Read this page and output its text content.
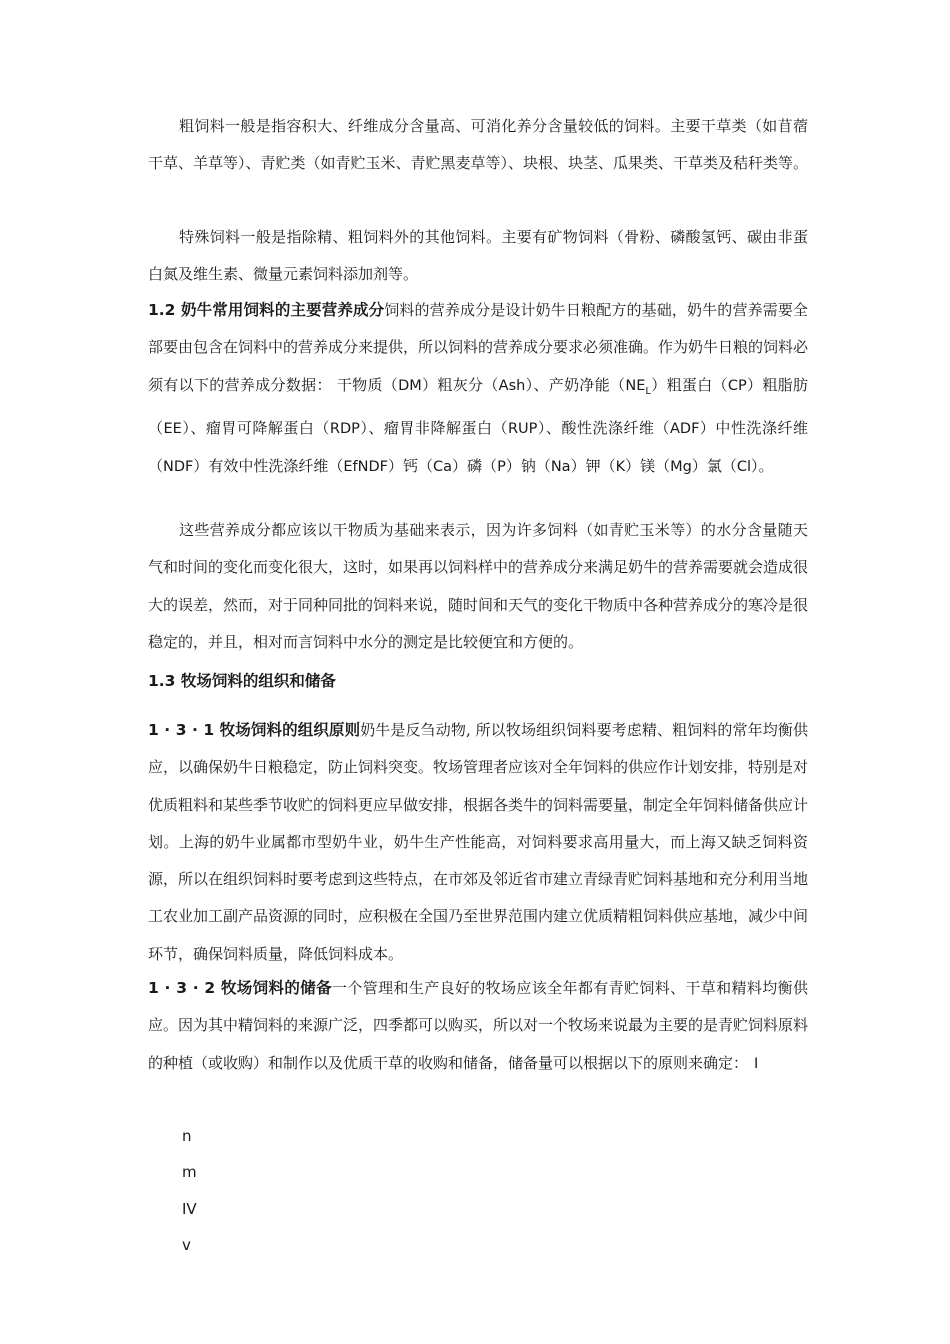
粗饲料一般是指容积大、纤维成分含量高、可消化养分含量较低的饲料。主要干草类（如苜蓿干草、羊草等）、青贮类（如青贮玉米、青贮黑麦草等）、块根、块茎、瓜果类、干草类及秸秆类等。

特殊饲料一般是指除精、粗饲料外的其他饲料。主要有矿物饲料（骨粉、磷酸氢钙、碳由非蛋白氮及维生素、微量元素饲料添加剂等。

1.2 奶牛常用饲料的主要营养成分饲料的营养成分是设计奶牛日粮配方的基础，奶牛的营养需要全部要由包含在饲料中的营养成分来提供，所以饲料的营养成分要求必须准确。作为奶牛日粮的饲料必须有以下的营养成分数据： 干物质（DM）粗灰分（Ash）、产奶净能$(NE_L)$粗蛋白（CP）粗脂肪（EE）、瘤胃可降解蛋白（RDP）、瘤胃非降解蛋白（RUP）、酸性洗涤纤维（ADF）中性洗涤纤维（NDF）有效中性洗涤纤维（EfNDF）钙（Ca）磷（P）钠（Na）钾（K）镁（Mg）氯（Cl）。

这些营养成分都应该以干物质为基础来表示，因为许多饲料（如青贮玉米等）的水分含量随天气和时间的变化而变化很大，这时，如果再以饲料样中的营养成分来满足奶牛的营养需要就会造成很大的误差，然而，对于同种同批的饲料来说，随时间和天气的变化干物质中各种营养成分的寒冷是很稳定的，并且，相对而言饲料中水分的测定是比较便宜和方便的。

1.3 牧场饲料的组织和储备

1 · 3 · 1 牧场饲料的组织原则奶牛是反刍动物, 所以牧场组织饲料要考虑精、粗饲料的常年均衡供应，以确保奶牛日粮稳定，防止饲料突变。牧场管理者应该对全年饲料的供应作计划安排，特别是对优质粗料和某些季节收贮的饲料更应早做安排，根据各类牛的饲料需要量，制定全年饲料储备供应计划。上海的奶牛业属都市型奶牛业，奶牛生产性能高，对饲料要求高用量大，而上海又缺乏饲料资源，所以在组织饲料时要考虑到这些特点，在市郊及邻近省市建立青绿青贮饲料基地和充分利用当地工农业加工副产品资源的同时，应积极在全国乃至世界范围内建立优质精粗饲料供应基地，减少中间环节，确保饲料质量，降低饲料成本。

1 · 3 · 2 牧场饲料的储备一个管理和生产良好的牧场应该全年都有青贮饲料、干草和精料均衡供应。因为其中精饲料的来源广泛，四季都可以购买，所以对一个牧场来说最为主要的是青贮饲料原料的种植（或收购）和制作以及优质干草的收购和储备，储备量可以根据以下的原则来确定： I

n

m

IV

v
